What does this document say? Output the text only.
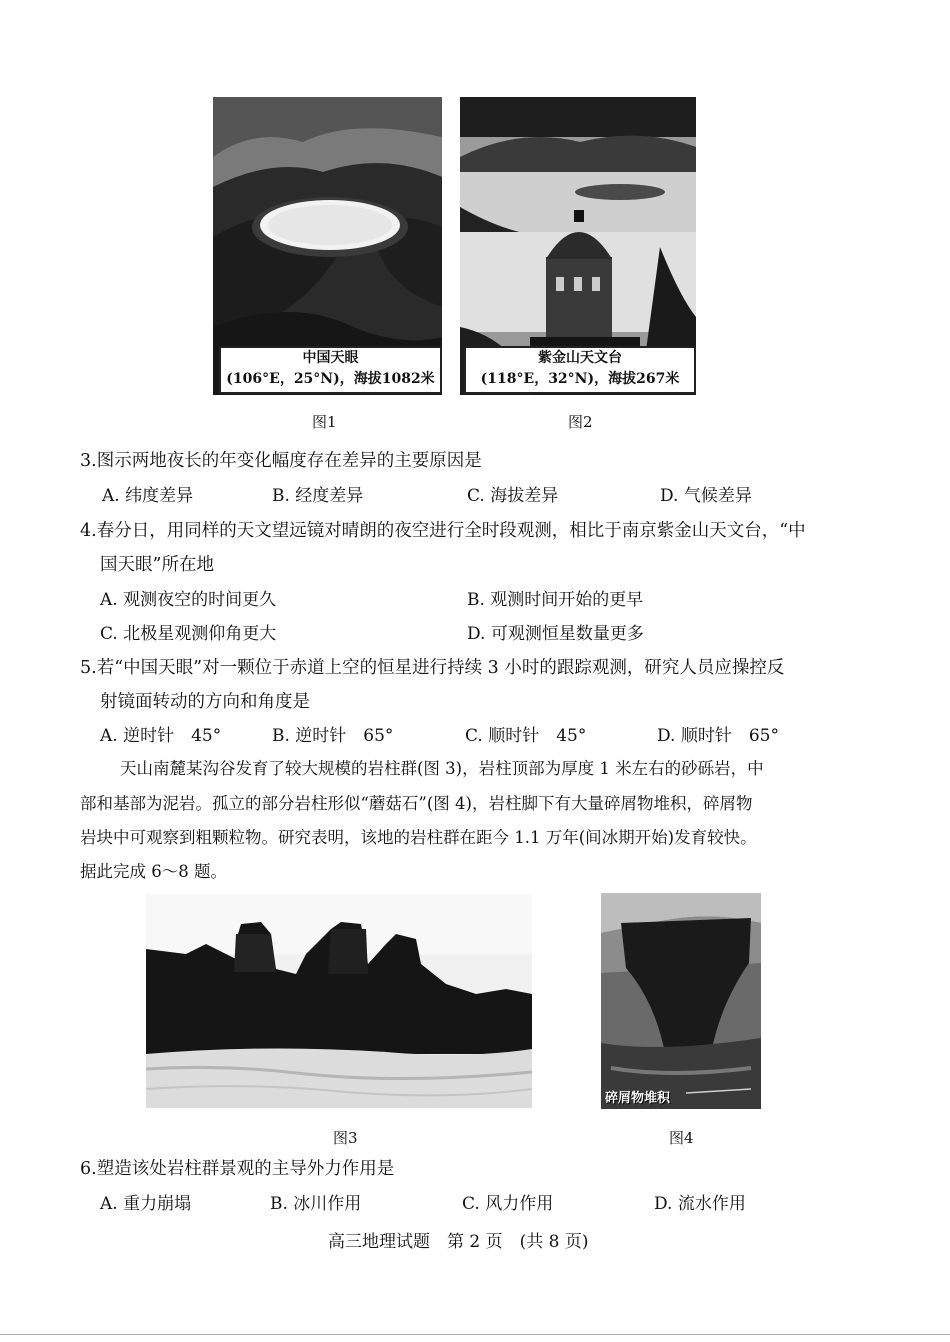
中国天眼
(106°E，25°N)，海拔1082米
图1
紫金山天文台
(118°E，32°N)，海拔267米
图2
3.图示两地夜长的年变化幅度存在差异的主要原因是
A. 纬度差异	B. 经度差异	C. 海拔差异	D. 气候差异
4.春分日，用同样的天文望远镜对晴朗的夜空进行全时段观测，相比于南京紫金山天文台，“中
国天眼”所在地
A. 观测夜空的时间更久	B. 观测时间开始的更早
C. 北极星观测仰角更大	D. 可观测恒星数量更多
5.若“中国天眼”对一颗位于赤道上空的恒星进行持续 3 小时的跟踪观测，研究人员应操控反
射镜面转动的方向和角度是
A. 逆时针　45°	B. 逆时针　65°	C. 顺时针　45°	D. 顺时针　65°
天山南麓某沟谷发育了较大规模的岩柱群(图 3)，岩柱顶部为厚度 1 米左右的砂砾岩，中
部和基部为泥岩。孤立的部分岩柱形似“蘑菇石”(图 4)，岩柱脚下有大量碎屑物堆积，碎屑物
岩块中可观察到粗颗粒物。研究表明，该地的岩柱群在距今 1.1 万年(间冰期开始)发育较快。
据此完成 6～8 题。
图3
碎屑物堆积
图4
6.塑造该处岩柱群景观的主导外力作用是
A. 重力崩塌	B. 冰川作用	C. 风力作用	D. 流水作用
高三地理试题　第 2 页　(共 8 页)
